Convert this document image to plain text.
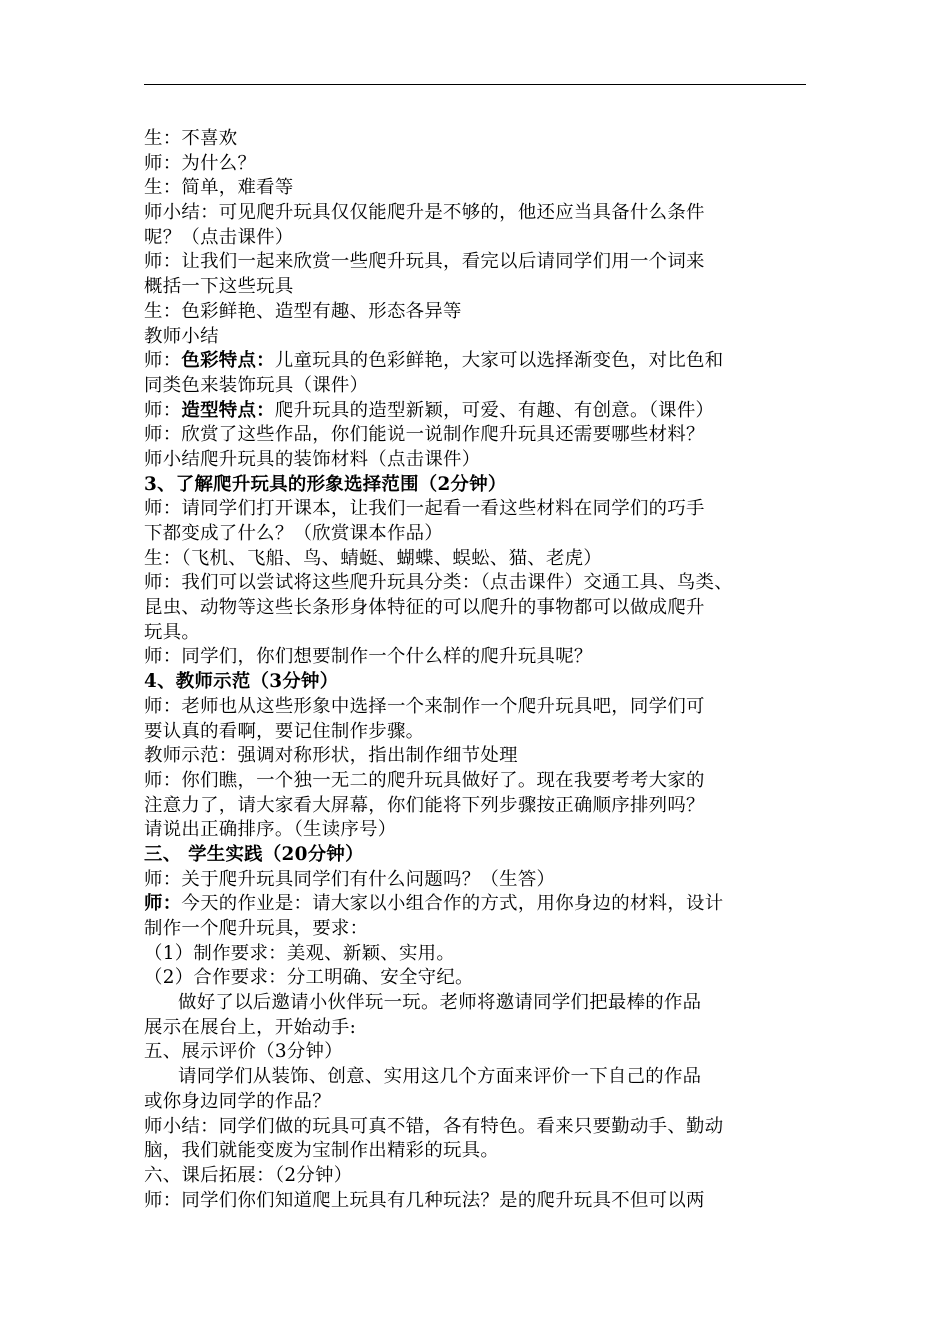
生：不喜欢
师：为什么？
生：简单，难看等
师小结：可见爬升玩具仅仅能爬升是不够的，他还应当具备什么条件
呢？（点击课件）
师：让我们一起来欣赏一些爬升玩具，看完以后请同学们用一个词来
概括一下这些玩具
生：色彩鲜艳、造型有趣、形态各异等
教师小结
师：色彩特点：儿童玩具的色彩鲜艳，大家可以选择渐变色，对比色和
同类色来装饰玩具（课件）
师：造型特点：爬升玩具的造型新颖，可爱、有趣、有创意。（课件）
师：欣赏了这些作品，你们能说一说制作爬升玩具还需要哪些材料？
师小结爬升玩具的装饰材料（点击课件）
3、了解爬升玩具的形象选择范围（2分钟）
师：请同学们打开课本，让我们一起看一看这些材料在同学们的巧手
下都变成了什么？（欣赏课本作品）
生：（飞机、飞船、鸟、蜻蜓、蝴蝶、蜈蚣、猫、老虎）
师：我们可以尝试将这些爬升玩具分类：（点击课件）交通工具、鸟类、
昆虫、动物等这些长条形身体特征的可以爬升的事物都可以做成爬升
玩具。
师：同学们，你们想要制作一个什么样的爬升玩具呢？
4、教师示范（3分钟）
师：老师也从这些形象中选择一个来制作一个爬升玩具吧，同学们可
要认真的看啊，要记住制作步骤。
教师示范：强调对称形状，指出制作细节处理
师：你们瞧，一个独一无二的爬升玩具做好了。现在我要考考大家的
注意力了，请大家看大屏幕，你们能将下列步骤按正确顺序排列吗？
请说出正确排序。（生读序号）
三、 学生实践（20分钟）
师：关于爬升玩具同学们有什么问题吗？（生答）
师：今天的作业是：请大家以小组合作的方式，用你身边的材料，设计
制作一个爬升玩具，要求：
（1）制作要求：美观、新颖、实用。
（2）合作要求：分工明确、安全守纪。
做好了以后邀请小伙伴玩一玩。老师将邀请同学们把最棒的作品
展示在展台上，开始动手:
五、展示评价（3分钟）
请同学们从装饰、创意、实用这几个方面来评价一下自己的作品
或你身边同学的作品？
师小结：同学们做的玩具可真不错，各有特色。看来只要勤动手、勤动
脑，我们就能变废为宝制作出精彩的玩具。
六、课后拓展：（2分钟）
师：同学们你们知道爬上玩具有几种玩法？是的爬升玩具不但可以两
